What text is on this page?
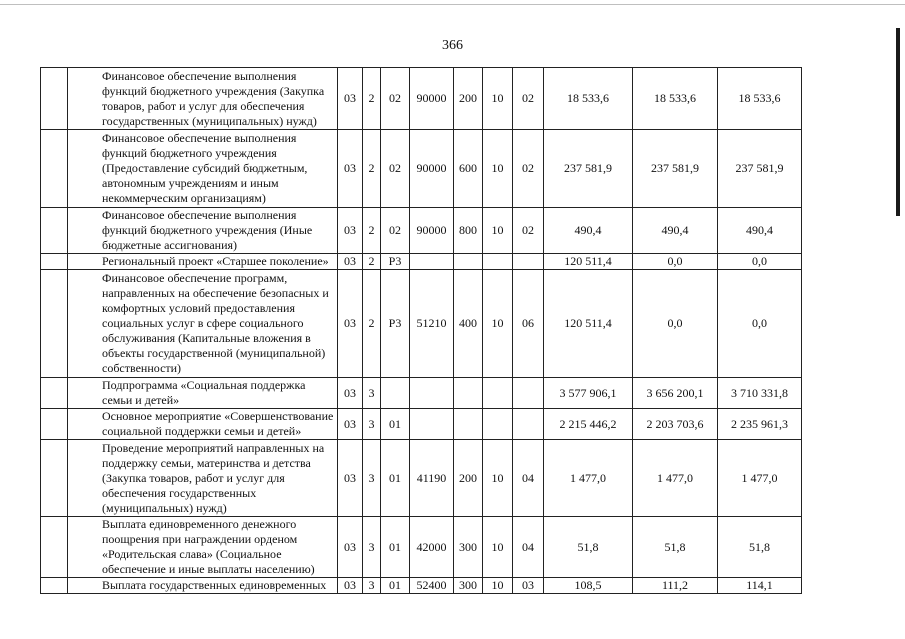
366
	Финансовое обеспечение выполнения функций бюджетного учреждения (Закупка товаров, работ и услуг для обеспечения государственных (муниципальных) нужд)	03	2	02	90000	200	10	02	18 533,6	18 533,6	18 533,6
	Финансовое обеспечение выполнения функций бюджетного учреждения (Предоставление субсидий бюджетным, автономным учреждениям и иным некоммерческим организациям)	03	2	02	90000	600	10	02	237 581,9	237 581,9	237 581,9
	Финансовое обеспечение выполнения функций бюджетного учреждения (Иные бюджетные ассигнования)	03	2	02	90000	800	10	02	490,4	490,4	490,4
	Региональный проект «Старшее поколение»	03	2	P3					120 511,4	0,0	0,0
	Финансовое обеспечение программ, направленных на обеспечение безопасных и комфортных условий предоставления социальных услуг в сфере социального обслуживания (Капитальные вложения в объекты государственной (муниципальной) собственности)	03	2	P3	51210	400	10	06	120 511,4	0,0	0,0
	Подпрограмма «Социальная поддержка семьи и детей»	03	3						3 577 906,1	3 656 200,1	3 710 331,8
	Основное мероприятие «Совершенствование социальной поддержки семьи и детей»	03	3	01					2 215 446,2	2 203 703,6	2 235 961,3
	Проведение мероприятий направленных на поддержку семьи, материнства и детства (Закупка товаров, работ и услуг для обеспечения государственных (муниципальных) нужд)	03	3	01	41190	200	10	04	1 477,0	1 477,0	1 477,0
	Выплата единовременного денежного поощрения при награждении орденом «Родительская слава» (Социальное обеспечение и иные выплаты населению)	03	3	01	42000	300	10	04	51,8	51,8	51,8
	Выплата государственных единовременных	03	3	01	52400	300	10	03	108,5	111,2	114,1
